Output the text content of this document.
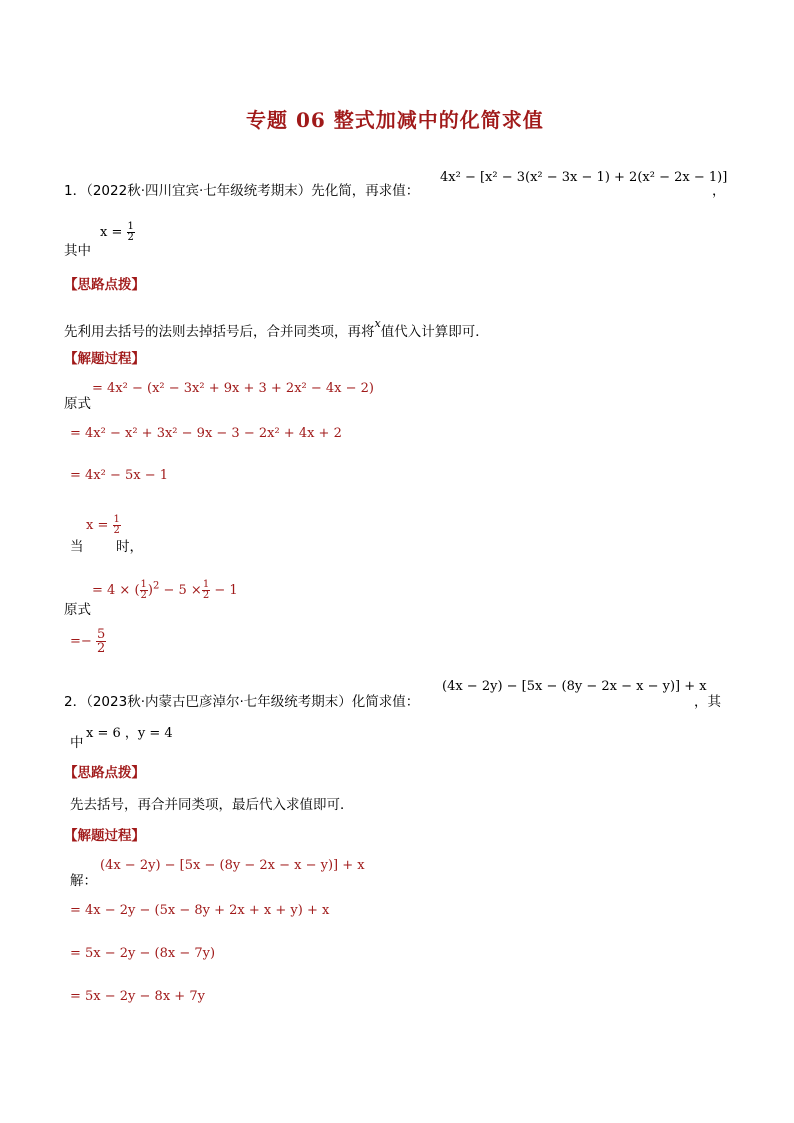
专题 06 整式加减中的化简求值
1．（2022秋·四川宜宾·七年级统考期末）先化简，再求值：
4x² − [x² − 3(x² − 3x − 1) + 2(x² − 2x − 1)]
，
其中
$x = \frac{1}{2}$
【思路点拨】
先利用去括号的法则去掉括号后，合并同类项，再将$^x$值代入计算即可．
【解题过程】
原式
= 4x² − (x² − 3x² + 9x + 3 + 2x² − 4x − 2)
= 4x² − x² + 3x² − 9x − 3 − 2x² + 4x + 2
= 4x² − 5x − 1
当
$x = \frac{1}{2}$
时，
原式
= 4 × ( $\frac{1}{2} )^2 - 5 \times \frac{1}{2} - 1$
=− $\frac{5}{2}$
2．（2023秋·内蒙古巴彦淖尔·七年级统考期末）化简求值：
(4x − 2y) − [5x − (8y − 2x − x − y)] + x
，其
中
x = 6 ，y = 4
【思路点拨】
先去括号，再合并同类项，最后代入求值即可．
【解题过程】
解：
(4x − 2y) − [5x − (8y − 2x − x − y)] + x
= 4x − 2y − (5x − 8y + 2x + x + y) + x
= 5x − 2y − (8x − 7y)
= 5x − 2y − 8x + 7y
